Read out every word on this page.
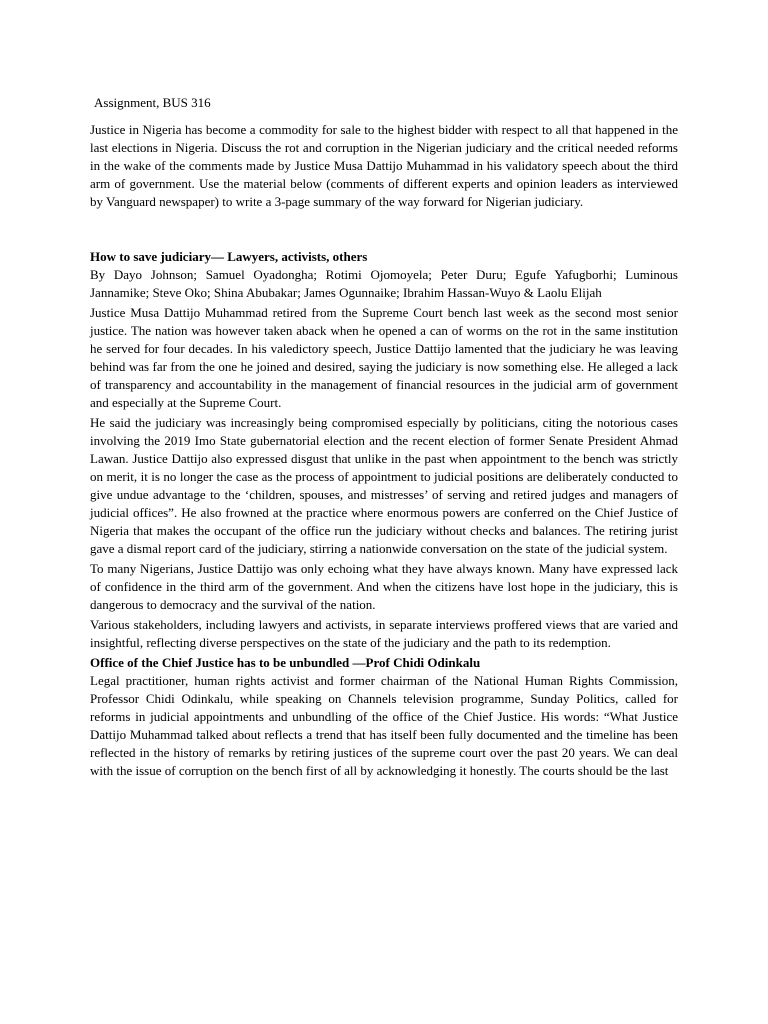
Assignment, BUS 316

Justice in Nigeria has become a commodity for sale to the highest bidder with respect to all that happened in the last elections in Nigeria. Discuss the rot and corruption in the Nigerian judiciary and the critical needed reforms in the wake of the comments made by Justice Musa Dattijo Muhammad in his validatory speech about the third arm of government. Use the material below (comments of different experts and opinion leaders as interviewed by Vanguard newspaper) to write a 3-page summary of the way forward for Nigerian judiciary.

How to save judiciary— Lawyers, activists, others

By Dayo Johnson; Samuel Oyadongha; Rotimi Ojomoyela; Peter Duru; Egufe Yafugborhi; Luminous Jannamike; Steve Oko; Shina Abubakar; James Ogunnaike; Ibrahim Hassan-Wuyo & Laolu Elijah

Justice Musa Dattijo Muhammad retired from the Supreme Court bench last week as the second most senior justice. The nation was however taken aback when he opened a can of worms on the rot in the same institution he served for four decades. In his valedictory speech, Justice Dattijo lamented that the judiciary he was leaving behind was far from the one he joined and desired, saying the judiciary is now something else. He alleged a lack of transparency and accountability in the management of financial resources in the judicial arm of government and especially at the Supreme Court.

He said the judiciary was increasingly being compromised especially by politicians, citing the notorious cases involving the 2019 Imo State gubernatorial election and the recent election of former Senate President Ahmad Lawan. Justice Dattijo also expressed disgust that unlike in the past when appointment to the bench was strictly on merit, it is no longer the case as the process of appointment to judicial positions are deliberately conducted to give undue advantage to the ‘children, spouses, and mistresses’ of serving and retired judges and managers of judicial offices”. He also frowned at the practice where enormous powers are conferred on the Chief Justice of Nigeria that makes the occupant of the office run the judiciary without checks and balances. The retiring jurist gave a dismal report card of the judiciary, stirring a nationwide conversation on the state of the judicial system.

To many Nigerians, Justice Dattijo was only echoing what they have always known. Many have expressed lack of confidence in the third arm of the government. And when the citizens have lost hope in the judiciary, this is dangerous to democracy and the survival of the nation.

Various stakeholders, including lawyers and activists, in separate interviews proffered views that are varied and insightful, reflecting diverse perspectives on the state of the judiciary and the path to its redemption.

Office of the Chief Justice has to be unbundled —Prof Chidi Odinkalu

Legal practitioner, human rights activist and former chairman of the National Human Rights Commission, Professor Chidi Odinkalu, while speaking on Channels television programme, Sunday Politics, called for reforms in judicial appointments and unbundling of the office of the Chief Justice. His words: “What Justice Dattijo Muhammad talked about reflects a trend that has itself been fully documented and the timeline has been reflected in the history of remarks by retiring justices of the supreme court over the past 20 years. We can deal with the issue of corruption on the bench first of all by acknowledging it honestly. The courts should be the last
